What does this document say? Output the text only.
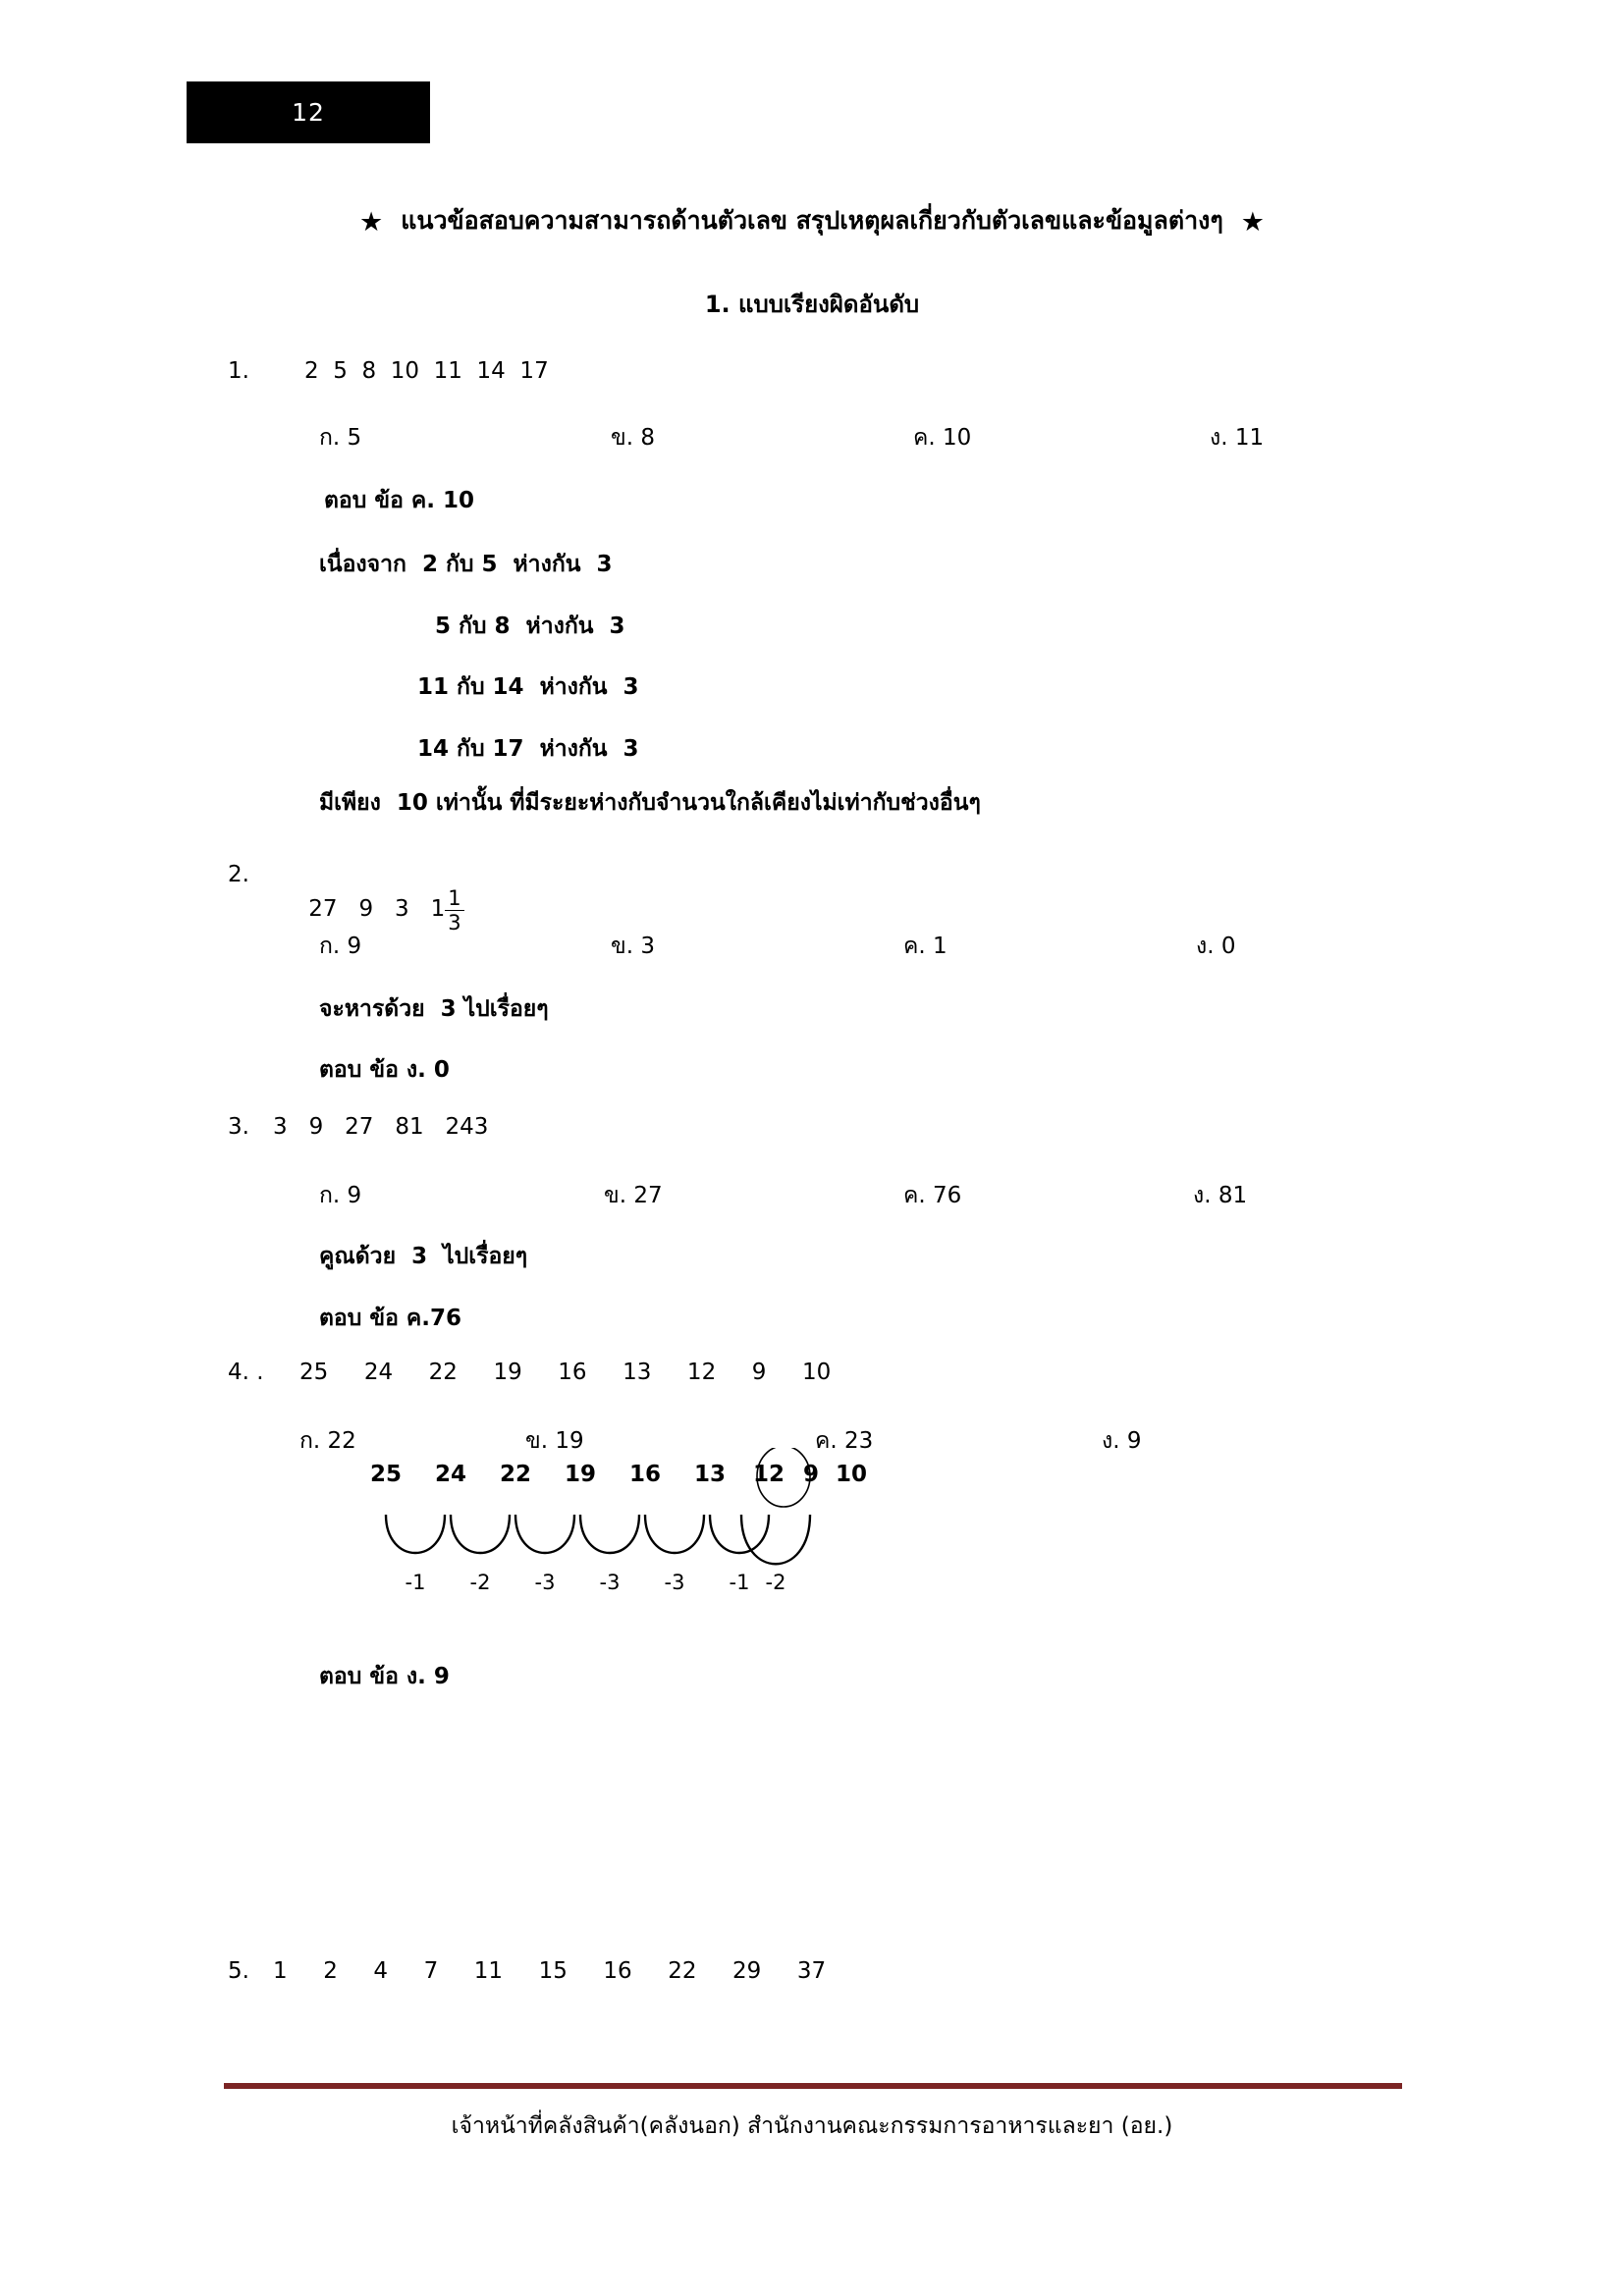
12
★ แนวข้อสอบความสามารถด้านตัวเลข สรุปเหตุผลเกี่ยวกับตัวเลขและข้อมูลต่างๆ ★
1. แบบเรียงผิดอันดับ
1. 2  5  8  10  11  14  17
ก. 5	ข. 8	ค. 10	ง. 11
ตอบ ข้อ ค. 10
เนื่องจาก  2 กับ 5  ห่างกัน  3
5 กับ 8  ห่างกัน  3
11 กับ 14  ห่างกัน  3
14 กับ 17  ห่างกัน  3
มีเพียง  10 เท่านั้น ที่มีระยะห่างกับจำนวนใกล้เคียงไม่เท่ากับช่วงอื่นๆ
2.

27   9   3   $1 \frac{1}{3}$

ก. 9	ข. 3	ค. 1	ง. 0
จะหารด้วย  3 ไปเรื่อยๆ
ตอบ ข้อ ง. 0
3. 3   9   27   81   243
ก. 9	ข. 27	ค. 76	ง. 81
คูณด้วย  3  ไปเรื่อยๆ
ตอบ ข้อ ค.76
4. . 25     24     22     19     16     13     12     9     10
ก. 22	ข. 19	ค. 23	ง. 9
25 24 22 19 16 13 12 9 10
-1	-2	-3	-3	-3	-1 -2
ตอบ ข้อ ง. 9
5. 1     2     4     7     11     15     16     22     29     37
เจ้าหน้าที่คลังสินค้า(คลังนอก) สำนักงานคณะกรรมการอาหารและยา (อย.)
